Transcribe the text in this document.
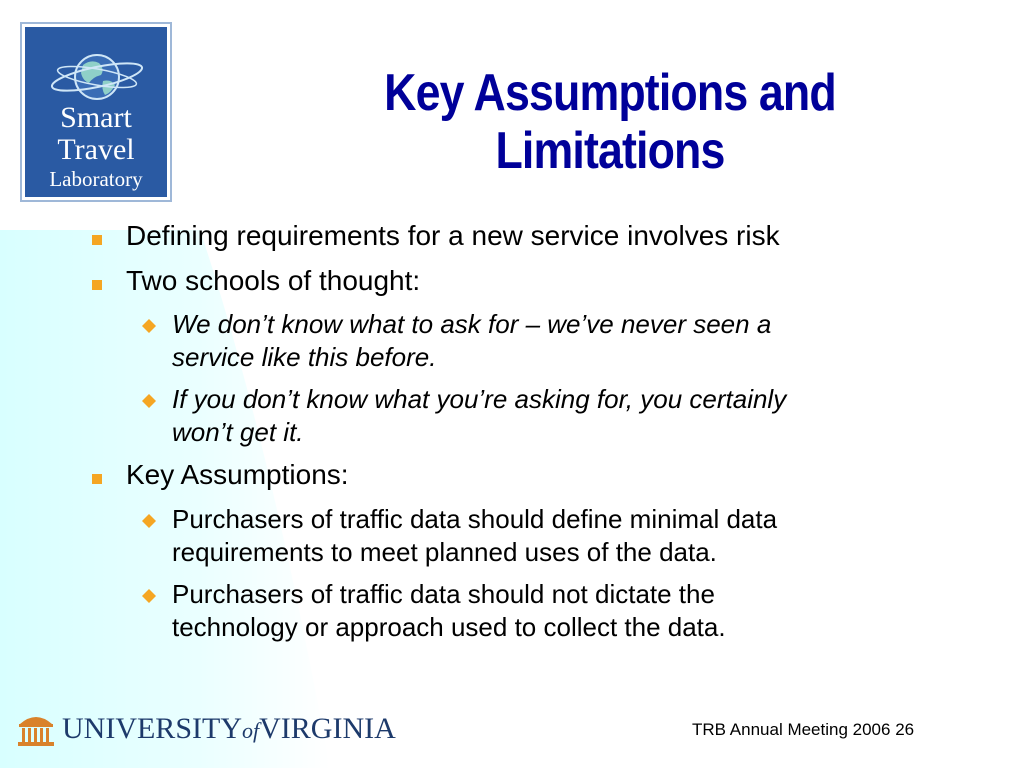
Smart
Travel
Laboratory
Key Assumptions and
Limitations
Defining requirements for a new service involves risk
Two schools of thought:
We don’t know what to ask for – we’ve never seen a
service like this before.
If you don’t know what you’re asking for, you certainly
won’t get it.
Key Assumptions:
Purchasers of traffic data should define minimal data
requirements to meet planned uses of the data.
Purchasers of traffic data should not dictate the
technology or approach used to collect the data.
UNIVERSITYofVIRGINIA	TRB Annual Meeting 2006 26
